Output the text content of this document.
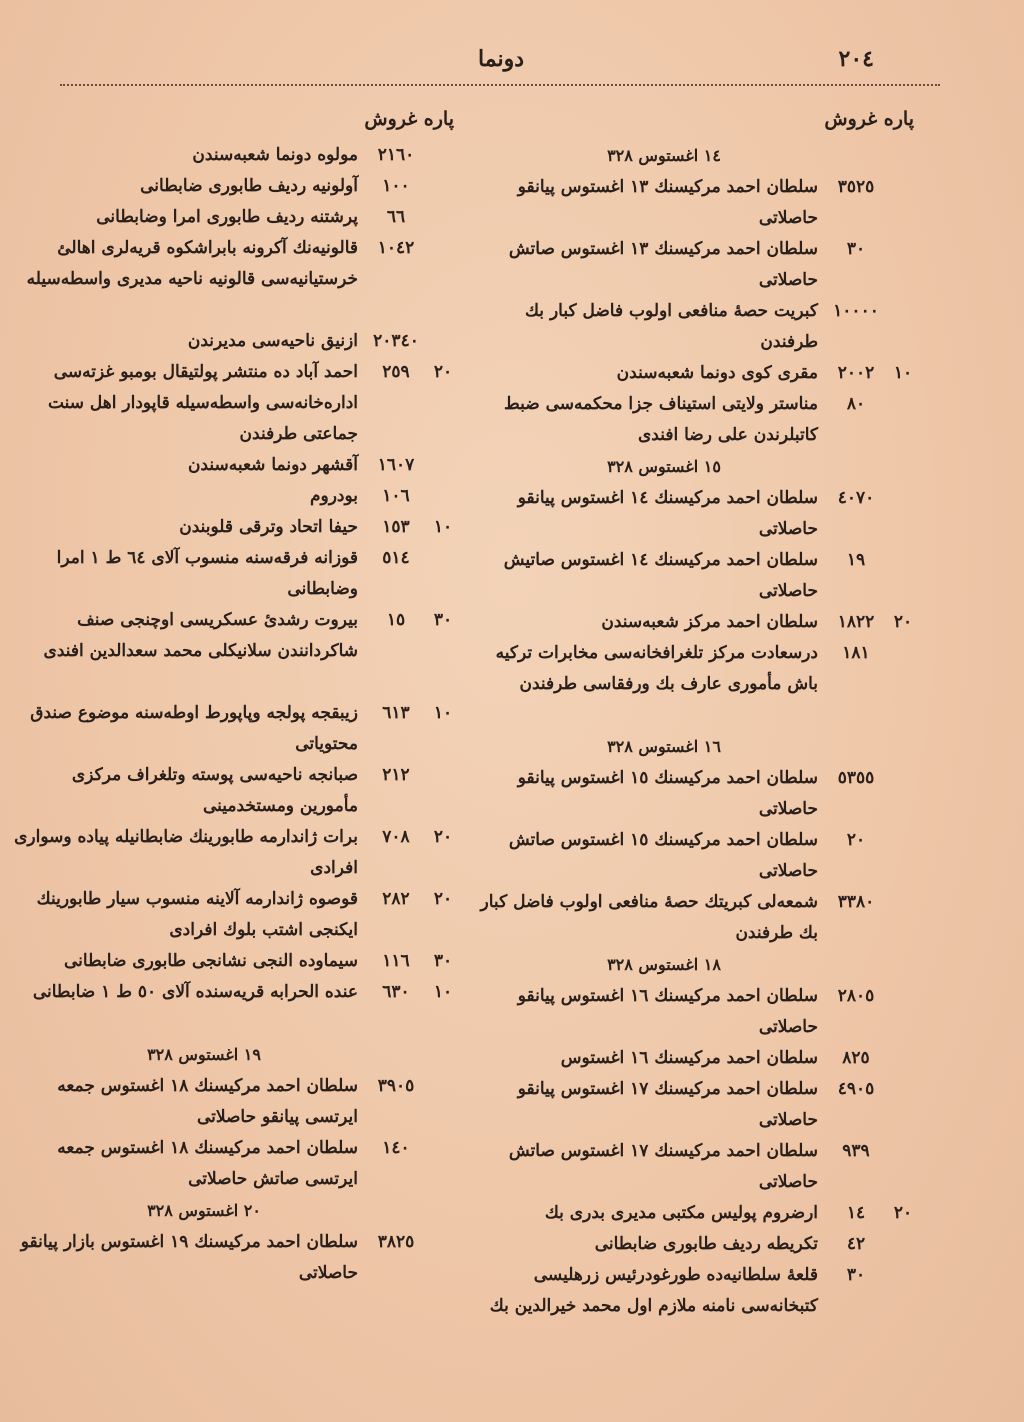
٢٠٤
دونما
پاره غروش
١٤ اغستوس ٣٢٨
٣٥٢٥
سلطان احمد مركيسنك ١٣ اغستوس پيانقو حاصلاتى
٣٠
سلطان احمد مركيسنك ١٣ اغستوس صاتش حاصلاتى
١٠٠٠٠
كبريت حصهٔ منافعى اولوب فاضل كبار بك طرفندن
١٠
٢٠٠٢
مقرى كوى دونما شعبه‌سندن
٨٠
مناستر ولايتى استيناف جزا محكمه‌سى ضبط كاتبلرندن على رضا افندى
١٥ اغستوس ٣٢٨
٤٠٧٠
سلطان احمد مركيسنك ١٤ اغستوس پيانقو حاصلاتى
١٩
سلطان احمد مركيسنك ١٤ اغستوس صاتيش حاصلاتى
٢٠
١٨٢٢
سلطان احمد مركز شعبه‌سندن
١٨١
درسعادت مركز تلغرافخانه‌سى مخابرات تركيه باش مأمورى عارف بك ورفقاسى طرفندن
١٦ اغستوس ٣٢٨
٥٣٥٥
سلطان احمد مركيسنك ١٥ اغستوس پيانقو حاصلاتى
٢٠
سلطان احمد مركيسنك ١٥ اغستوس صاتش حاصلاتى
٣٣٨٠
شمعه‌لى كبريتك حصهٔ منافعى اولوب فاضل كبار بك طرفندن
١٨ اغستوس ٣٢٨
٢٨٠٥
سلطان احمد مركيسنك ١٦ اغستوس پيانقو حاصلاتى
٨٢٥
سلطان احمد مركيسنك ١٦ اغستوس
٤٩٠٥
سلطان احمد مركيسنك ١٧ اغستوس پيانقو حاصلاتى
٩٣٩
سلطان احمد مركيسنك ١٧ اغستوس صاتش حاصلاتى
٢٠
١٤
ارضروم پوليس مكتبى مديرى بدرى بك
٤٢
تكريطه رديف طابورى ضابطانى
٣٠
قلعهٔ سلطانيه‌ده طورغودرئيس زرهليسى كتبخانه‌سى نامنه ملازم اول محمد خيرالدين بك
پاره غروش
٢١٦٠
مولوه دونما شعبه‌سندن
١٠٠
آولونيه رديف طابورى ضابطانى
٦٦
پرشتنه رديف طابورى امرا وضابطانى
١٠٤٢
قالونيه‌نك آكرونه بابراشكوه قريه‌لرى اهالئ خرستيانيه‌سى قالونيه ناحيه مديرى واسطه‌سيله
٢٠٣٤٠
ازنيق ناحيه‌سى مديرندن
٢٠
٢٥٩
احمد آباد ده منتشر پولتيقال بومبو غزته‌سى اداره‌خانه‌سى واسطه‌سيله قاپودار اهل سنت جماعتى طرفندن
١٦٠٧
آقشهر دونما شعبه‌سندن
١٠٦
بودروم
١٠
١٥٣
حيفا اتحاد وترقى قلوبندن
٥١٤
قوزانه فرقه‌سنه منسوب آلاى ٦٤ ط ١ امرا وضابطانى
٣٠
١٥
بيروت رشدئ عسكريسى اوچنجى صنف شاكردانندن سلانيكلى محمد سعدالدين افندى
١٠
٦١٣
زيبقجه پولجه وپاپورط اوطه‌سنه موضوع صندق محتوياتى
٢١٢
صبانجه ناحيه‌سى پوسته وتلغراف مركزى مأمورين ومستخدمينى
٢٠
٧٠٨
برات ژاندارمه طابورينك ضابطانيله پياده وسوارى افرادى
٢٠
٢٨٢
قوصوه ژاندارمه آلاينه منسوب سيار طابورينك ايكنجى اشتب بلوك افرادى
٣٠
١١٦
سيماوده النجى نشانجى طابورى ضابطانى
١٠
٦٣٠
عنده الحرابه قريه‌سنده آلاى ٥٠ ط ١ ضابطانى
١٩ اغستوس ٣٢٨
٣٩٠٥
سلطان احمد مركيسنك ١٨ اغستوس جمعه ايرتسى پيانقو حاصلاتى
١٤٠
سلطان احمد مركيسنك ١٨ اغستوس جمعه ايرتسى صاتش حاصلاتى
٢٠ اغستوس ٣٢٨
٣٨٢٥
سلطان احمد مركيسنك ١٩ اغستوس بازار پيانقو حاصلاتى
